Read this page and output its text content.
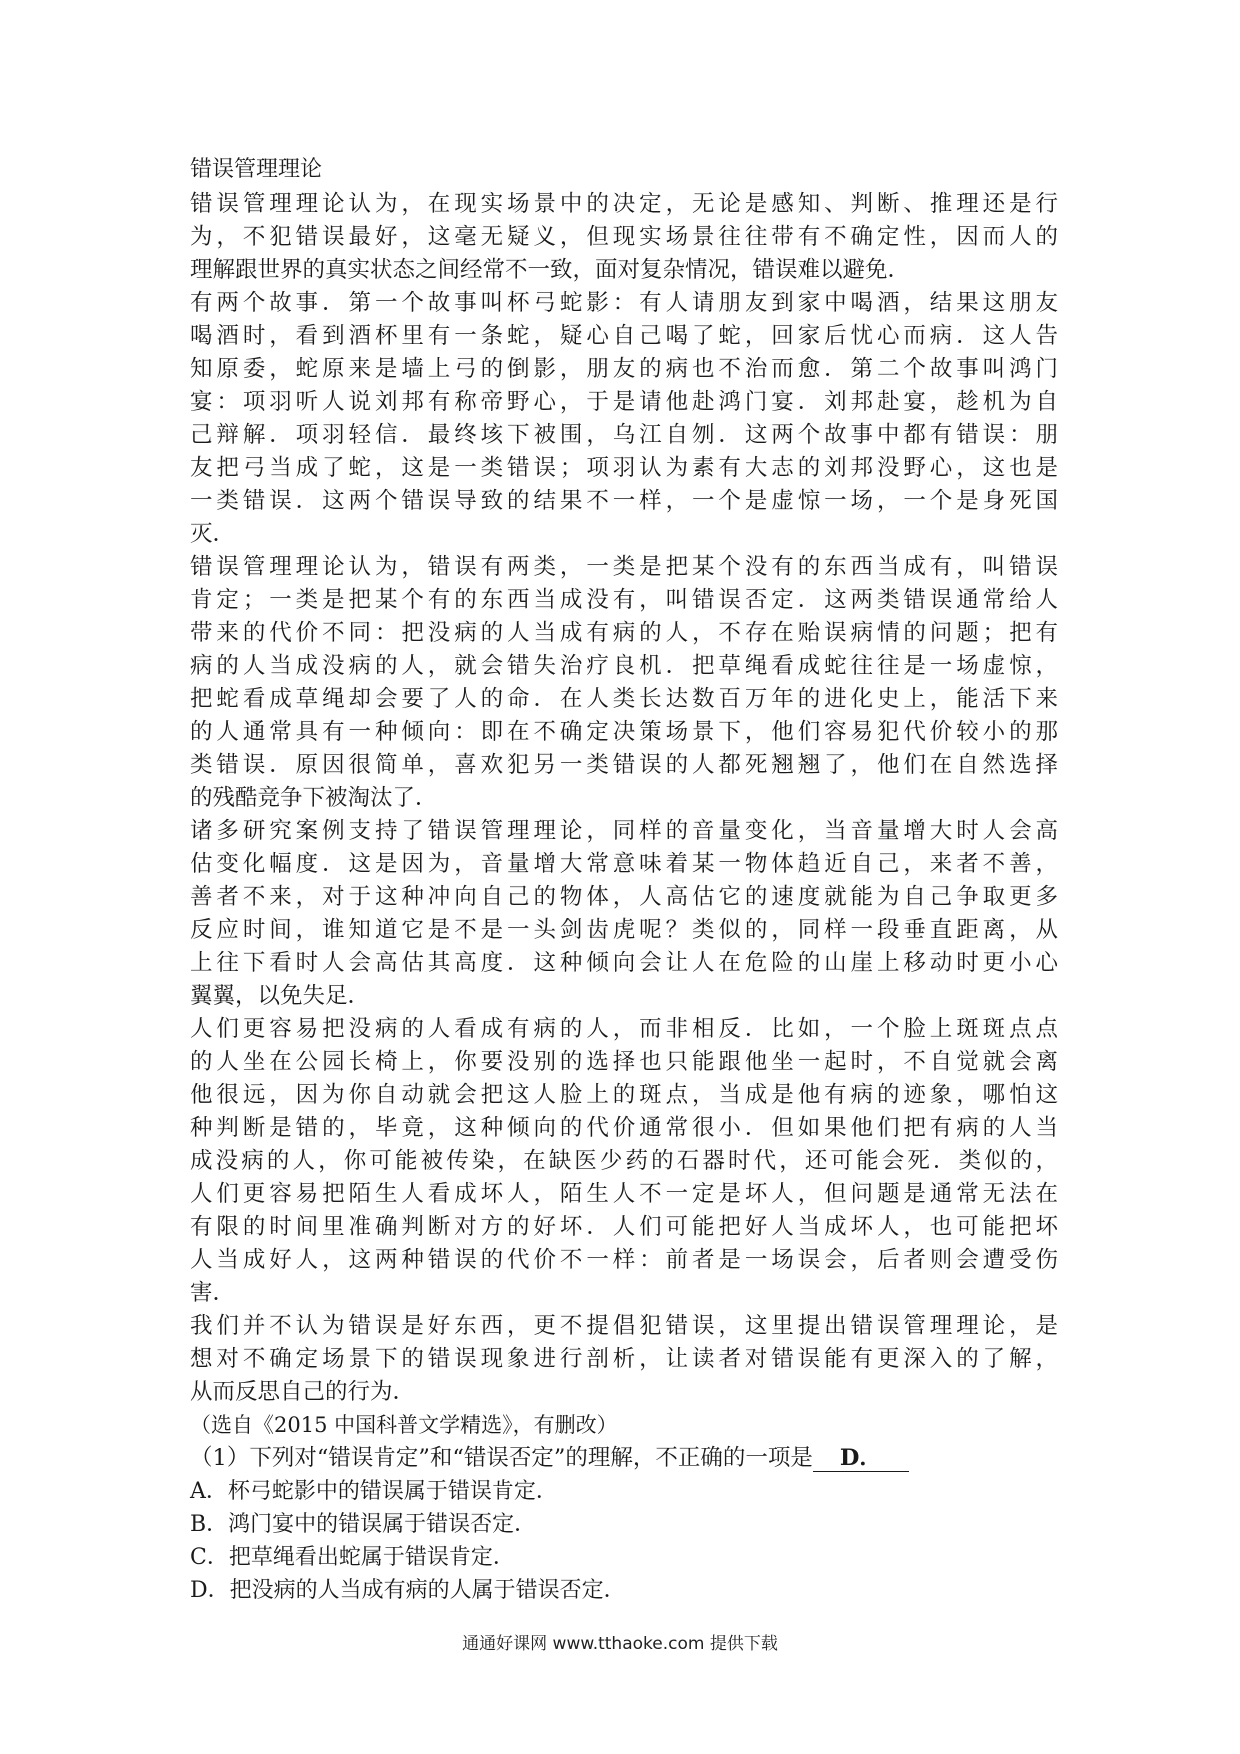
错误管理理论
错误管理理论认为，在现实场景中的决定，无论是感知、判断、推理还是行
为，不犯错误最好，这毫无疑义，但现实场景往往带有不确定性，因而人的
理解跟世界的真实状态之间经常不一致，面对复杂情况，错误难以避免．
有两个故事．第一个故事叫杯弓蛇影：有人请朋友到家中喝酒，结果这朋友
喝酒时，看到酒杯里有一条蛇，疑心自己喝了蛇，回家后忧心而病．这人告
知原委，蛇原来是墙上弓的倒影，朋友的病也不治而愈．第二个故事叫鸿门
宴：项羽听人说刘邦有称帝野心，于是请他赴鸿门宴．刘邦赴宴，趁机为自
己辩解．项羽轻信．最终垓下被围，乌江自刎．这两个故事中都有错误：朋
友把弓当成了蛇，这是一类错误；项羽认为素有大志的刘邦没野心，这也是
一类错误．这两个错误导致的结果不一样，一个是虚惊一场，一个是身死国
灭．
错误管理理论认为，错误有两类，一类是把某个没有的东西当成有，叫错误
肯定；一类是把某个有的东西当成没有，叫错误否定．这两类错误通常给人
带来的代价不同：把没病的人当成有病的人，不存在贻误病情的问题；把有
病的人当成没病的人，就会错失治疗良机．把草绳看成蛇往往是一场虚惊，
把蛇看成草绳却会要了人的命．在人类长达数百万年的进化史上，能活下来
的人通常具有一种倾向：即在不确定决策场景下，他们容易犯代价较小的那
类错误．原因很简单，喜欢犯另一类错误的人都死翘翘了，他们在自然选择
的残酷竞争下被淘汰了．
诸多研究案例支持了错误管理理论，同样的音量变化，当音量增大时人会高
估变化幅度．这是因为，音量增大常意味着某一物体趋近自己，来者不善，
善者不来，对于这种冲向自己的物体，人高估它的速度就能为自己争取更多
反应时间，谁知道它是不是一头剑齿虎呢？类似的，同样一段垂直距离，从
上往下看时人会高估其高度．这种倾向会让人在危险的山崖上移动时更小心
翼翼，以免失足．
人们更容易把没病的人看成有病的人，而非相反．比如，一个脸上斑斑点点
的人坐在公园长椅上，你要没别的选择也只能跟他坐一起时，不自觉就会离
他很远，因为你自动就会把这人脸上的斑点，当成是他有病的迹象，哪怕这
种判断是错的，毕竟，这种倾向的代价通常很小．但如果他们把有病的人当
成没病的人，你可能被传染，在缺医少药的石器时代，还可能会死．类似的，
人们更容易把陌生人看成坏人，陌生人不一定是坏人，但问题是通常无法在
有限的时间里准确判断对方的好坏．人们可能把好人当成坏人，也可能把坏
人当成好人，这两种错误的代价不一样：前者是一场误会，后者则会遭受伤
害．
我们并不认为错误是好东西，更不提倡犯错误，这里提出错误管理理论，是
想对不确定场景下的错误现象进行剖析，让读者对错误能有更深入的了解，
从而反思自己的行为．
（选自《2015 中国科普文学精选》，有删改）
（1）下列对“错误肯定”和“错误否定”的理解，不正确的一项是 D．
A．杯弓蛇影中的错误属于错误肯定．
B．鸿门宴中的错误属于错误否定．
C．把草绳看出蛇属于错误肯定．
D．把没病的人当成有病的人属于错误否定．
通通好课网 www.tthaoke.com 提供下载
